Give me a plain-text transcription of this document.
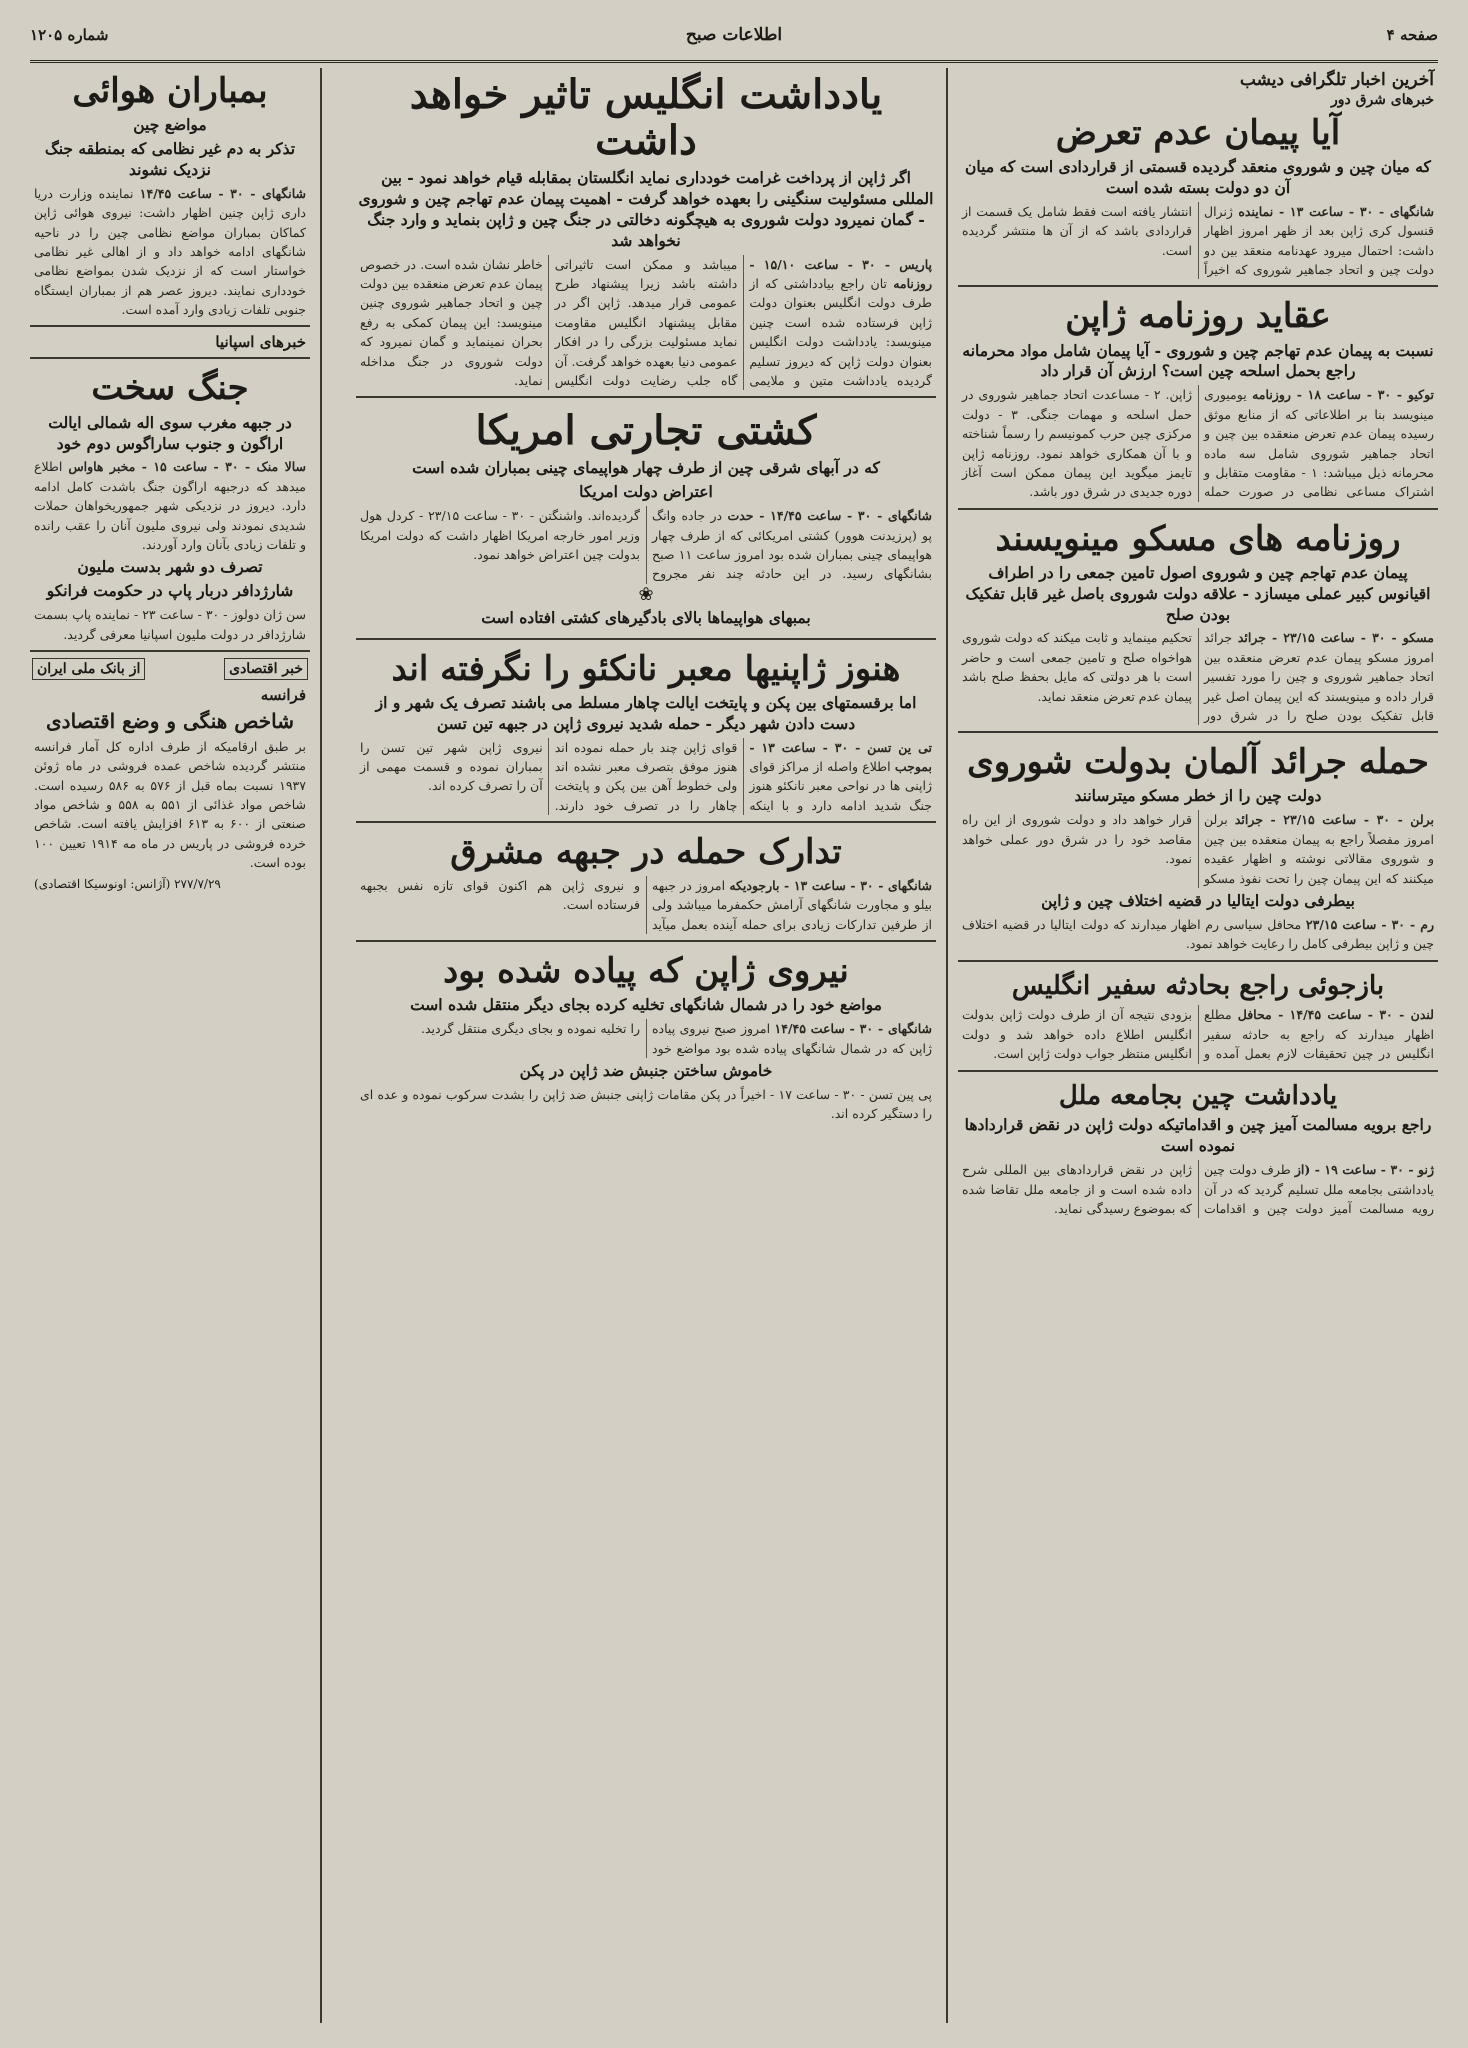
صفحه ۴
اطلاعات صبح
شماره ۱۲۰۵
آخرین اخبار تلگرافی دیشب
خبرهای شرق دور
آیا پیمان عدم تعرض
که میان چین و شوروی منعقد گردیده قسمتی از قراردادی است که میان آن دو دولت بسته شده است
شانگهای - ۳۰ - ساعت ۱۳ - نماینده ژنرال قنسول کری ژاپن بعد از ظهر امروز اظهار داشت: احتمال میرود عهدنامه منعقد بین دو دولت چین و اتحاد جماهیر شوروی که اخیراً انتشار یافته است فقط شامل یک قسمت از قراردادی باشد که از آن ها منتشر گردیده است.
عقاید روزنامه ژاپن
نسبت به پیمان عدم تهاجم چین و شوروی - آیا پیمان شامل مواد محرمانه راجع بحمل اسلحه چین است؟ ارزش آن قرار داد
توکیو - ۳۰ - ساعت ۱۸ - روزنامه یومیوری مینویسد بنا بر اطلاعاتی که از منابع موثق رسیده پیمان عدم تعرض منعقده بین چین و اتحاد جماهیر شوروی شامل سه ماده محرمانه ذیل میباشد: ۱ - مقاومت متقابل و اشتراک مساعی نظامی در صورت حمله ژاپن. ۲ - مساعدت اتحاد جماهیر شوروی در حمل اسلحه و مهمات جنگی. ۳ - دولت مرکزی چین حرب کمونیسم را رسماً شناخته و با آن همکاری خواهد نمود. روزنامه ژاپن تایمز میگوید این پیمان ممکن است آغاز دوره جدیدی در شرق دور باشد.
روزنامه های مسکو مینویسند
پیمان عدم تهاجم چین و شوروی اصول تامین جمعی را در اطراف اقیانوس کبیر عملی میسازد - علاقه دولت شوروی باصل غیر قابل تفکیک بودن صلح
مسکو - ۳۰ - ساعت ۲۳/۱۵ - جرائد جرائد امروز مسکو پیمان عدم تعرض منعقده بین اتحاد جماهیر شوروی و چین را مورد تفسیر قرار داده و مینویسند که این پیمان اصل غیر قابل تفکیک بودن صلح را در شرق دور تحکیم مینماید و ثابت میکند که دولت شوروی هواخواه صلح و تامین جمعی است و حاضر است با هر دولتی که مایل بحفظ صلح باشد پیمان عدم تعرض منعقد نماید.
حمله جرائد آلمان بدولت شوروی
دولت چین را از خطر مسکو میترسانند
برلن - ۳۰ - ساعت ۲۳/۱۵ - جرائد برلن امروز مفصلاً راجع به پیمان منعقده بین چین و شوروی مقالاتی نوشته و اظهار عقیده میکنند که این پیمان چین را تحت نفوذ مسکو قرار خواهد داد و دولت شوروی از این راه مقاصد خود را در شرق دور عملی خواهد نمود.
بیطرفی دولت ایتالیا در قضیه اختلاف چین و ژاپن
رم - ۳۰ - ساعت ۲۳/۱۵ محافل سیاسی رم اظهار میدارند که دولت ایتالیا در قضیه اختلاف چین و ژاپن بیطرفی کامل را رعایت خواهد نمود.
بازجوئی راجع بحادثه سفیر انگلیس
لندن - ۳۰ - ساعت ۱۴/۴۵ - محافل مطلع اظهار میدارند که راجع به حادثه سفیر انگلیس در چین تحقیقات لازم بعمل آمده و بزودی نتیجه آن از طرف دولت ژاپن بدولت انگلیس اطلاع داده خواهد شد و دولت انگلیس منتظر جواب دولت ژاپن است.
یادداشت چین بجامعه ملل
راجع برویه مسالمت آمیز چین و اقداماتیکه دولت ژاپن در نقض قراردادها نموده است
ژنو - ۳۰ - ساعت ۱۹ - (از طرف دولت چین یادداشتی بجامعه ملل تسلیم گردید که در آن رویه مسالمت آمیز دولت چین و اقدامات ژاپن در نقض قراردادهای بین المللی شرح داده شده است و از جامعه ملل تقاضا شده که بموضوع رسیدگی نماید.
یادداشت انگلیس تاثیر خواهد داشت
اگر ژاپن از پرداخت غرامت خودداری نماید انگلستان بمقابله قیام خواهد نمود - بین المللی مسئولیت سنگینی را بعهده خواهد گرفت - اهمیت پیمان عدم تهاجم چین و شوروی - گمان نمیرود دولت شوروی به هیچگونه دخالتی در جنگ چین و ژاپن بنماید و وارد جنگ نخواهد شد
پاریس - ۳۰ - ساعت ۱۵/۱۰ - روزنامه تان راجع بیادداشتی که از طرف دولت انگلیس بعنوان دولت ژاپن فرستاده شده است چنین مینویسد: یادداشت دولت انگلیس بعنوان دولت ژاپن که دیروز تسلیم گردیده یادداشت متین و ملایمی میباشد و ممکن است تاثیراتی داشته باشد زیرا پیشنهاد طرح عمومی قرار میدهد. ژاپن اگر در مقابل پیشنهاد انگلیس مقاومت نماید مسئولیت بزرگی را در افکار عمومی دنیا بعهده خواهد گرفت. آن گاه جلب رضایت دولت انگلیس خاطر نشان شده است. در خصوص پیمان عدم تعرض منعقده بین دولت چین و اتحاد جماهیر شوروی چنین مینویسد: این پیمان کمکی به رفع بحران نمینماید و گمان نمیرود که دولت شوروی در جنگ مداخله نماید.
کشتی تجارتی امریکا
که در آبهای شرقی چین از طرف چهار هواپیمای چینی بمباران شده است
اعتراض دولت امریکا
شانگهای - ۳۰ - ساعت ۱۴/۴۵ - حدت در جاده وانگ پو (پرزیدنت هوور) کشتی امریکائی که از طرف چهار هواپیمای چینی بمباران شده بود امروز ساعت ۱۱ صبح بشانگهای رسید. در این حادثه چند نفر مجروح گردیده‌اند. واشنگتن - ۳۰ - ساعت ۲۳/۱۵ - کردل هول وزیر امور خارجه امریکا اظهار داشت که دولت امریکا بدولت چین اعتراض خواهد نمود.
❀
بمبهای هواپیماها بالای بادگیرهای کشتی افتاده است
هنوز ژاپنیها معبر نانکئو را نگرفته اند
اما برقسمتهای بین پکن و پایتخت ایالت چاهار مسلط می باشند تصرف یک شهر و از دست دادن شهر دیگر - حمله شدید نیروی ژاپن در جبهه تین تسن
تی ین تسن - ۳۰ - ساعت ۱۳ - بموجب اطلاع واصله از مراکز قوای ژاپنی ها در نواحی معبر نانکئو هنوز جنگ شدید ادامه دارد و با اینکه قوای ژاپن چند بار حمله نموده اند هنوز موفق بتصرف معبر نشده اند ولی خطوط آهن بین پکن و پایتخت چاهار را در تصرف خود دارند. نیروی ژاپن شهر تین تسن را بمباران نموده و قسمت مهمی از آن را تصرف کرده اند.
تدارک حمله در جبهه مشرق
شانگهای - ۳۰ - ساعت ۱۳ - بارجودیکه امروز در جبهه بیلو و مجاورت شانگهای آرامش حکمفرما میباشد ولی از طرفین تدارکات زیادی برای حمله آینده بعمل میآید و نیروی ژاپن هم اکنون قوای تازه نفس بجبهه فرستاده است.
نیروی ژاپن که پیاده شده بود
مواضع خود را در شمال شانگهای تخلیه کرده بجای دیگر منتقل شده است
شانگهای - ۳۰ - ساعت ۱۴/۴۵ امروز صبح نیروی پیاده ژاپن که در شمال شانگهای پیاده شده بود مواضع خود را تخلیه نموده و بجای دیگری منتقل گردید.
خاموش ساختن جنبش ضد ژاپن در پکن
پی پین تسن - ۳۰ - ساعت ۱۷ - اخیراً در پکن مقامات ژاپنی جنبش ضد ژاپن را بشدت سرکوب نموده و عده ای را دستگیر کرده اند.
بمباران هوائی
مواضع چین
تذکر به دم غیر نظامی که بمنطقه جنگ نزدیک نشوند
شانگهای - ۳۰ - ساعت ۱۴/۴۵ نماینده وزارت دریا داری ژاپن چنین اظهار داشت: نیروی هوائی ژاپن کماکان بمباران مواضع نظامی چین را در ناحیه شانگهای ادامه خواهد داد و از اهالی غیر نظامی خواستار است که از نزدیک شدن بمواضع نظامی خودداری نمایند. دیروز عصر هم از بمباران ایستگاه جنوبی تلفات زیادی وارد آمده است.
خبرهای اسپانیا
جنگ سخت
در جبهه مغرب سوی اله شمالی ایالت اراگون و جنوب ساراگوس دوم خود
سالا منک - ۳۰ - ساعت ۱۵ - مخبر هاواس اطلاع میدهد که درجبهه اراگون جنگ باشدت کامل ادامه دارد. دیروز در نزدیکی شهر جمهوریخواهان حملات شدیدی نمودند ولی نیروی ملیون آنان را عقب رانده و تلفات زیادی بآنان وارد آوردند.
تصرف دو شهر بدست ملیون
شارژدافر دربار پاپ در حکومت فرانکو
سن ژان دولوز - ۳۰ - ساعت ۲۳ - نماینده پاپ بسمت شارژدافر در دولت ملیون اسپانیا معرفی گردید.
خبر اقتصادی
از بانک ملی ایران
فرانسه
شاخص هنگی و وضع اقتصادی
بر طبق ارقامیکه از طرف اداره کل آمار فرانسه منتشر گردیده شاخص عمده فروشی در ماه ژوئن ۱۹۳۷ نسبت بماه قبل از ۵۷۶ به ۵۸۶ رسیده است. شاخص مواد غذائی از ۵۵۱ به ۵۵۸ و شاخص مواد صنعتی از ۶۰۰ به ۶۱۳ افزایش یافته است. شاخص خرده فروشی در پاریس در ماه مه ۱۹۱۴ تعیین ۱۰۰ بوده است.
(آژانس: اونوسیکا اقتصادی) ۲۷۷/۷/۲۹
